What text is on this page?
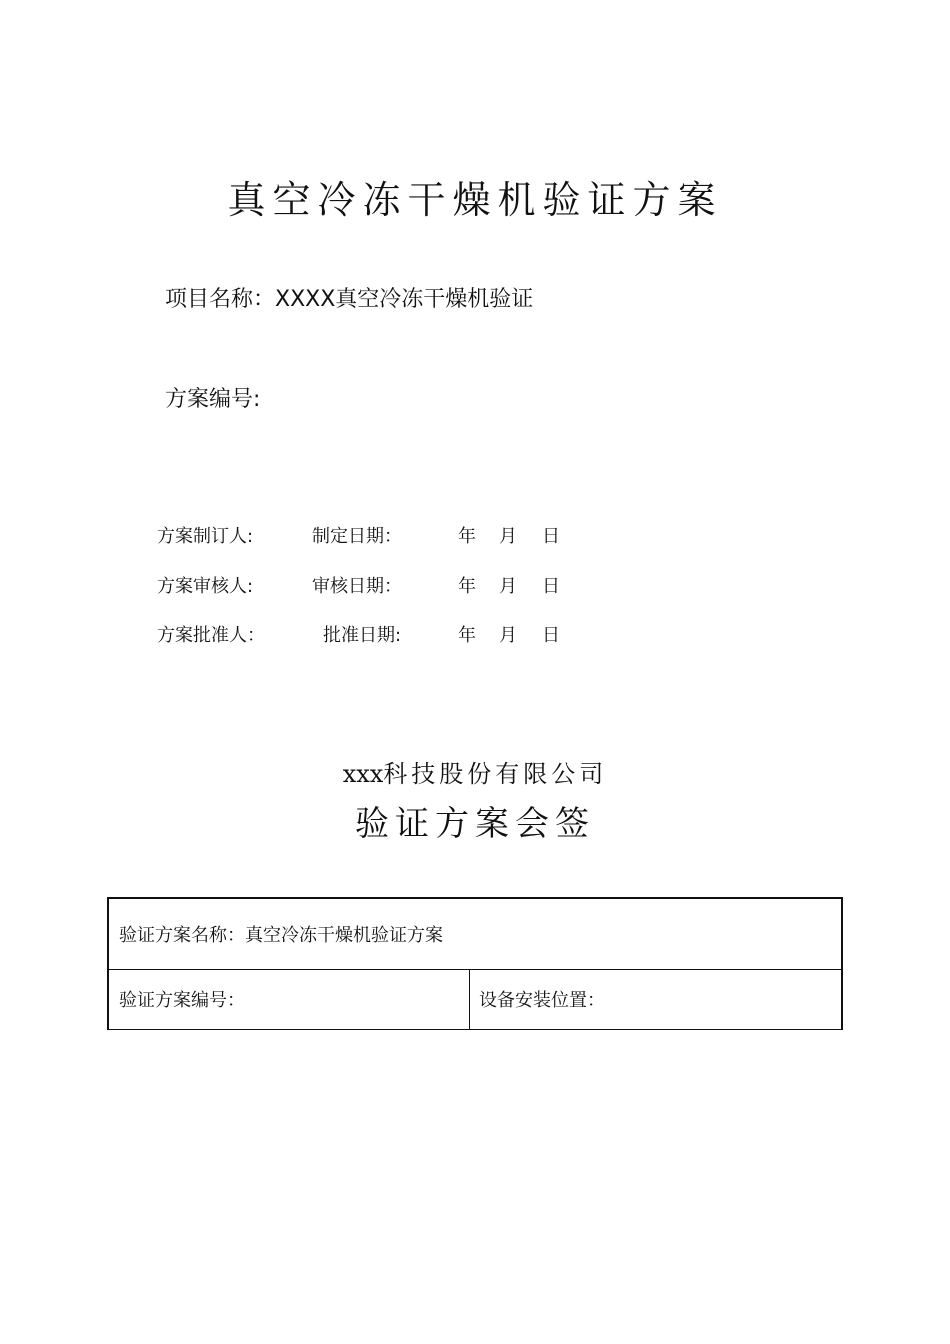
真空冷冻干燥机验证方案
项目名称：XXXX真空冷冻干燥机验证
方案编号:
方案制订人:	制定日期：	年 月 日
方案审核人:	审核日期：	年 月 日
方案批准人：	批准日期:	年 月 日
xxx科技股份有限公司
验证方案会签
验证方案名称：真空冷冻干燥机验证方案
验证方案编号：	设备安装位置：
